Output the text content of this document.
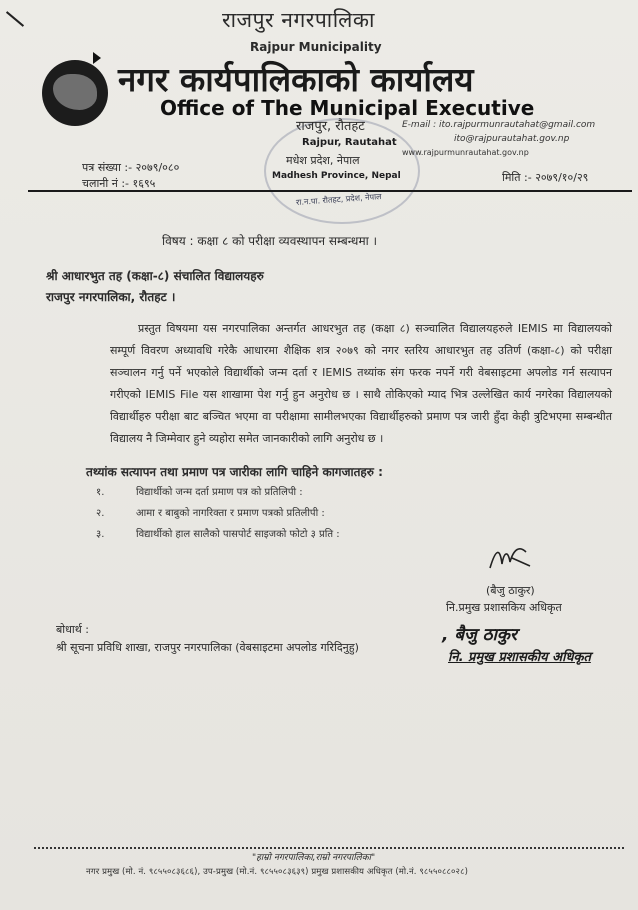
राजपुर नगरपालिका
Rajpur Municipality
नगर कार्यपालिकाको कार्यालय
Office of The Municipal Executive
राजपुर, रौतहट
Rajpur, Rautahat
मधेश प्रदेश, नेपाल
Madhesh Province, Nepal
रा.न.पा. रौतहट, प्रदेश, नेपाल
E-mail : ito.rajpurmunrautahat@gmail.com
ito@rajpurautahat.gov.np
www.rajpurmunrautahat.gov.np
पत्र संख्या :- २०७९/०८०
चलानी नं :- १६९५	मिति :- २०७९/१०/२९
विषय : कक्षा ८ को परीक्षा व्यवस्थापन सम्बन्धमा ।
श्री आधारभुत तह (कक्षा-८) संचालित विद्यालयहरु
राजपुर नगरपालिका, रौतहट ।

प्रस्तुत विषयमा यस नगरपालिका अन्तर्गत आधरभुत तह (कक्षा ८) सञ्चालित विद्यालयहरुले IEMIS मा विद्यालयको सम्पूर्ण विवरण अध्यावधि गरेकै आधारमा शैक्षिक शत्र २०७९ को नगर स्तरिय आधारभुत तह उतिर्ण (कक्षा-८) को परीक्षा सञ्चालन गर्नु पर्ने भएकोले विद्यार्थीको जन्म दर्ता र IEMIS तथ्यांक संग फरक नपर्ने गरी वेबसाइटमा अपलोड गर्न सत्यापन गरीएको IEMIS File यस शाखामा पेश गर्नु हुन अनुरोध छ । साथै तोकिएको म्याद भित्र उल्लेखित कार्य नगरेका विद्यालयको विद्यार्थीहरु परीक्षा बाट बञ्चित भएमा वा परीक्षामा सामीलभएका विद्यार्थीहरुको प्रमाण पत्र जारी हुँदा केही त्रुटिभएमा सम्बन्धीत विद्यालय नै जिम्मेवार हुने व्यहोरा समेत जानकारीको लागि अनुरोध छ ।

तथ्यांक सत्यापन तथा प्रमाण पत्र जारीका लागि चाहिने कागजातहरु :
१.	विद्यार्थीको जन्म दर्ता प्रमाण पत्र को प्रतिलिपी :
२.	आमा र बाबुको नागरिक्ता र प्रमाण पत्रको प्रतिलीपी :
३.	विद्यार्थीको हाल सालैको पासपोर्ट साइजको फोटो ३ प्रति :
(बैजु ठाकुर)
नि.प्रमुख प्रशासकिय अधिकृत
बोधार्थ :
श्री सूचना प्रविधि शाखा, राजपुर नगरपालिका (वेबसाइटमा अपलोड गरिदिनुहु)
, बैजु ठाकुर
नि. प्रमुख प्रशासकीय अधिकृत
"हाम्रो नगरपालिका,राम्रो नगरपालिका"
नगर प्रमुख (मो. नं. ९८५५०८३६८६), उप-प्रमुख (मो.नं. ९८५५०८३६३९) प्रमुख प्रशासकीय अधिकृत (मो.नं. ९८५५०८८०२८)
